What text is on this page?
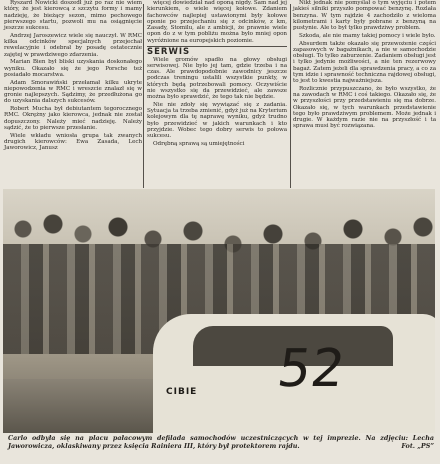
Ryszard Nowicki doszedł już po raz nie wiem który, że jest kierowcą z szczytu formy i mamy nadzieję, że bieżący sezon, mimo pechowego pierwszego startu, pozwoli mu na osiągnięcie jeszcze sukcesu.

Andrzej Jaroszewicz wiele się nauczył. W RMC kilka odcinków specjalnych przejechał rewelacyjnie i odebrał by posadę ostatecznie zajętej w prawdziwego zdarzenia.

Marian Bien był bliski uzyskania doskonałego wyniku. Okazało się że jego Porsche też posiadało mocarstwa.

Adam Smorawiński przełamał kilku ukryte niepowodzenia w RMC i wreszcie znalazł się w gronie najlepszych. Sądzimy, że przedłużona go do uzyskania dalszych sukcesów.

Robert Mucha był debiutantem tegorocznego RMC. Okrężny jako kierowca, jednak nie został dopuszczony. Należy mieć nadzieję. Należy sądzić, że to pierwsze przesłanie.

Wiele wkładu wniosła grupa tak zwanych drugich kierowców: Ewa Zasada, Lech Jaworowicz, Janusz

więcej dowiedział nad oponą nigdy. Sam nad jej kierunkiem, o wiele więcej kołowe. Zdaniem fachowców najlepiej ustawionymi były kołowe oponie po przejechaniu się z odcinków, z km, Zasady, Stomilu, ale z ambicji, że prawnie wiele opon do z w tym pobliżu można było mniej opon wyróżnione na europejskich poziomie.

SERWIS

Wiele gromów spadło na głowy obsługi serwisowej. Nie było jej tam, gdzie trzeba i na czas. Ale prawdopodobnie zawodnicy jeszcze podczas treningu ustalili wszystkie punkty, w których będą potrzebowali pomocy. Oczywiście nie wszystko się da przewidzieć, ale zawsze można było sprawdzić, że tego tak nie będzie.

Nie nie zdoły się wywiązać się z zadania. Sytuacja ta trzeba zmienić, gdyż już na Kryterium kolejowym dla tę naprawę wyniku, gdyż trudno było przewidzieć w jakich warunkach i kto przyjdzie. Wobec tego dobry serwis to połowa sukcesu.

Odrębną sprawą są umiejętności

Nikt jednak nie pomyślał o tym wyjęciu i potem jakieś silniki przyszło pompować benzynę. Rozlała benzyna. W tym rajdzie 4 zachodziło z wieloma kilometrami i karty były pobrane z benzyną na pustynie. Ale to był tylko prawdziwy problem.

Szkoda, ale nie mamy takiej pomocy i wiele było.

Absurdem także okazało się przewożenie części zapasowych w bagażnikach, a nie w samochodzie obsługi. To tylko zaburzenie. Zadaniem obsługi jest i tylko jedynie możliwości, a nie ten rezerwowy bagaż. Zatem jeżeli dla sprawdzenia pracy, a co za tym idzie i sprawność techniczna rajdowej obsługi, to jest to kwestia najważniejsza.

Rozlicznie przypuszczano, że było wszystko, że na zawodach w RMC i coś takiego. Okazało się, że w przyszłości przy przedstawieniu się ma dobrze. Okazało się, w tych warunkach przedstawienie tego było prawdziwym problemem. Może jednak i drugie. W każdym razie nie na przyszłość i ta sprawa musi być rozwiązana.

CIBIE 52
Carlo odbyła się na placu pałacowym defilada samochodów uczestniczących w tej imprezie. Na zdjęciu: Lecha Jaworowicza, oklaskiwany przez księcia Rainiera III, który był protektorem rajdu.	Fot. „PS”
